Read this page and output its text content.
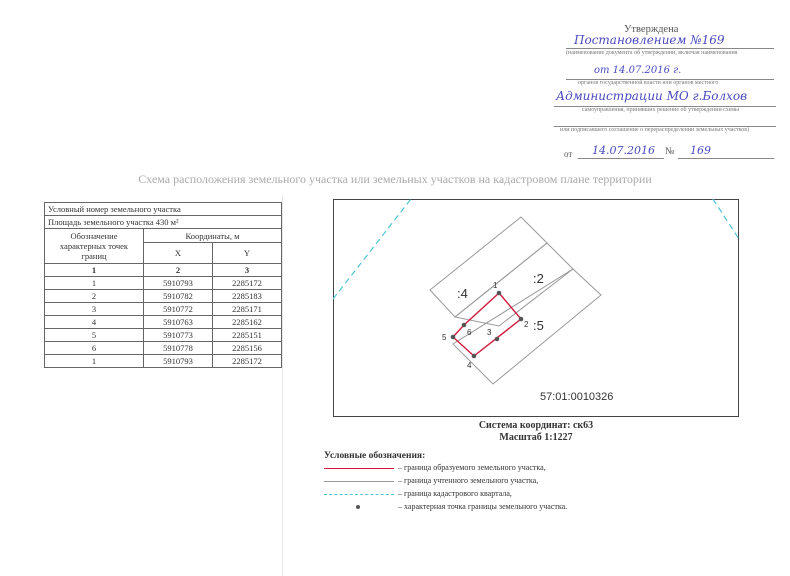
Утверждена
Постановлением №169
(наименование документа об утверждении, включая наименования
от 14.07.2016 г.
органов государственной власти или органов местного
Администрации МО г.Болхов
самоуправления, принявших решение об утверждении схемы
или подписавшего соглашение о перераспределении земельных участков)
от 14.07.2016 № 169
Схема расположения земельного участка или земельных участков на кадастровом плане территории
Условный номер земельного участка		
Площадь земельного участка 430 м²		
Обозначение характерных точек границ	Координаты, м	
	X	Y
1	2	3
1	5910793	2285172
2	5910782	2285183
3	5910772	2285171
4	5910763	2285162
5	5910773	2285151
6	5910778	2285156
1	5910793	2285172
1
2
3
4
5
6
:4
:2
:5
57:01:0010326
Система координат: ск63
Масштаб 1:1227
Условные обозначения:
– граница образуемого земельного участка,
– граница учтенного земельного участка,
– граница кадастрового квартала,
– характерная точка границы земельного участка.
